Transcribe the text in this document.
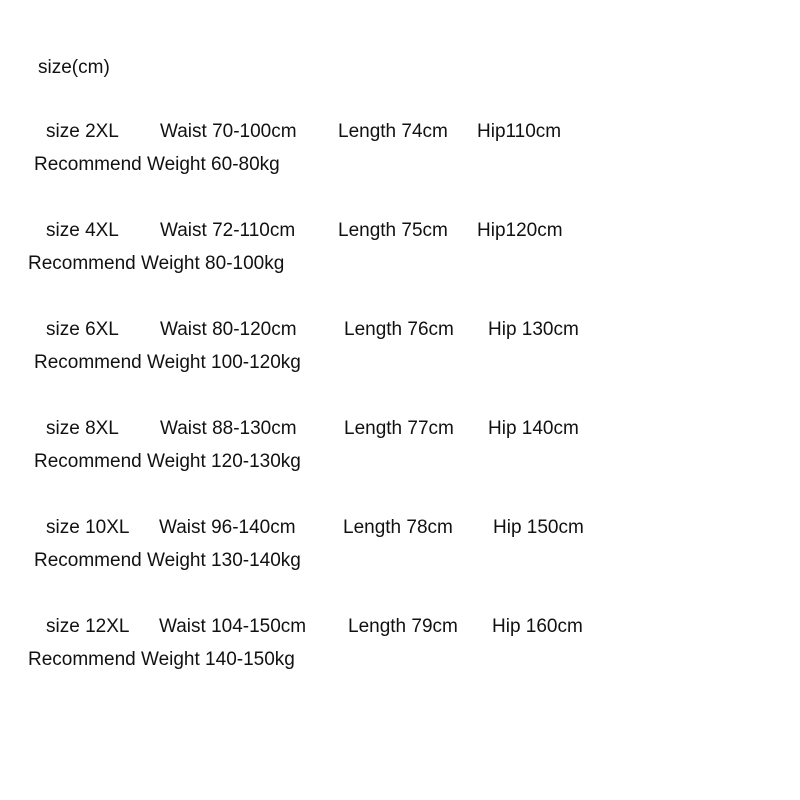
size(cm)
size 2XL Waist 70-100cm Length 74cm Hip110cm
Recommend Weight 60-80kg
size 4XL Waist 72-110cm Length 75cm Hip120cm
Recommend Weight 80-100kg
size 6XL Waist 80-120cm Length 76cm Hip 130cm
Recommend Weight 100-120kg
size 8XL Waist 88-130cm Length 77cm Hip 140cm
Recommend Weight 120-130kg
size 10XL Waist 96-140cm Length 78cm Hip 150cm
Recommend Weight 130-140kg
size 12XL Waist 104-150cm Length 79cm Hip 160cm
Recommend Weight 140-150kg
